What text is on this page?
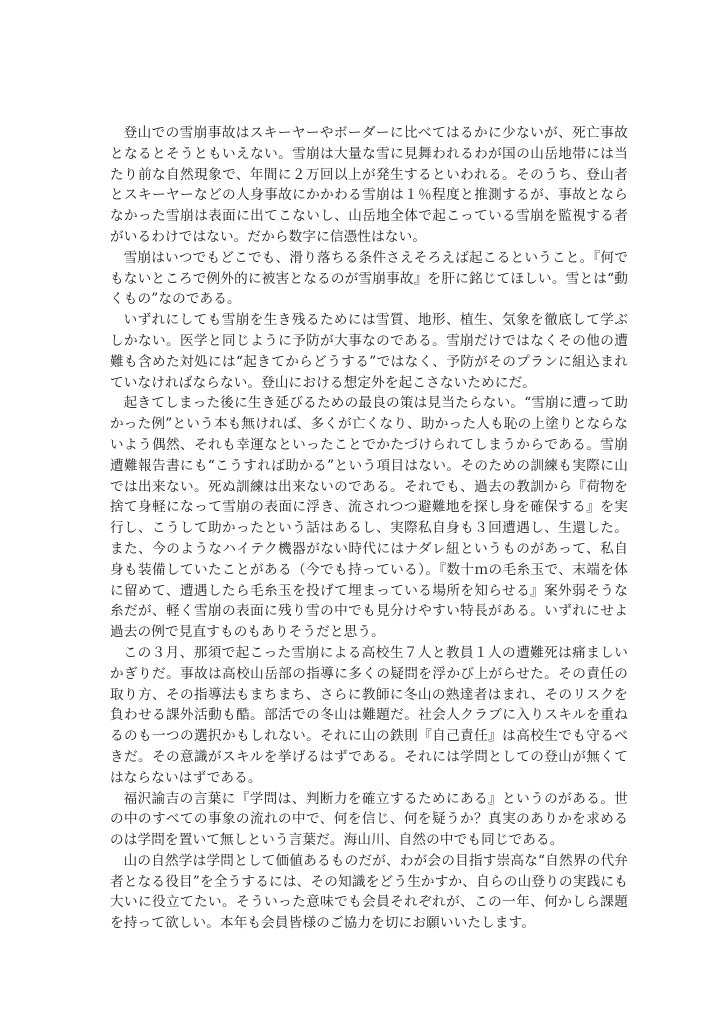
登山での雪崩事故はスキーヤーやボーダーに比べてはるかに少ないが、死亡事故となるとそうともいえない。雪崩は大量な雪に見舞われるわが国の山岳地帯には当たり前な自然現象で、年間に２万回以上が発生するといわれる。そのうち、登山者とスキーヤーなどの人身事故にかかわる雪崩は１％程度と推測するが、事故とならなかった雪崩は表面に出てこないし、山岳地全体で起こっている雪崩を監視する者がいるわけではない。だから数字に信憑性はない。

雪崩はいつでもどこでも、滑り落ちる条件さえそろえば起こるということ。『何でもないところで例外的に被害となるのが雪崩事故』を肝に銘じてほしい。雪とは“動くもの”なのである。

いずれにしても雪崩を生き残るためには雪質、地形、植生、気象を徹底して学ぶしかない。医学と同じように予防が大事なのである。雪崩だけではなくその他の遭難も含めた対処には“起きてからどうする”ではなく、予防がそのプランに組込まれていなければならない。登山における想定外を起こさないためにだ。

起きてしまった後に生き延びるための最良の策は見当たらない。“雪崩に遭って助かった例”という本も無ければ、多くが亡くなり、助かった人も恥の上塗りとならないよう偶然、それも幸運なといったことでかたづけられてしまうからである。雪崩遭難報告書にも“こうすれば助かる”という項目はない。そのための訓練も実際に山では出来ない。死ぬ訓練は出来ないのである。それでも、過去の教訓から『荷物を捨て身軽になって雪崩の表面に浮き、流されつつ避難地を探し身を確保する』を実行し、こうして助かったという話はあるし、実際私自身も３回遭遇し、生還した。また、今のようなハイテク機器がない時代にはナダレ紐というものがあって、私自身も装備していたことがある（今でも持っている）。『数十ｍの毛糸玉で、末端を体に留めて、遭遇したら毛糸玉を投げて埋まっている場所を知らせる』案外弱そうな糸だが、軽く雪崩の表面に残り雪の中でも見分けやすい特長がある。いずれにせよ過去の例で見直すものもありそうだと思う。

この３月、那須で起こった雪崩による高校生７人と教員１人の遭難死は痛ましいかぎりだ。事故は高校山岳部の指導に多くの疑問を浮かび上がらせた。その責任の取り方、その指導法もまちまち、さらに教師に冬山の熟達者はまれ、そのリスクを負わせる課外活動も酷。部活での冬山は難題だ。社会人クラブに入りスキルを重ねるのも一つの選択かもしれない。それに山の鉄則『自己責任』は高校生でも守るべきだ。その意識がスキルを挙げるはずである。それには学問としての登山が無くてはならないはずである。

福沢諭吉の言葉に『学問は、判断力を確立するためにある』というのがある。世の中のすべての事象の流れの中で、何を信じ、何を疑うか？真実のありかを求めるのは学問を置いて無しという言葉だ。海山川、自然の中でも同じである。

山の自然学は学問として価値あるものだが、わが会の目指す崇高な“自然界の代弁者となる役目”を全うするには、その知識をどう生かすか、自らの山登りの実践にも大いに役立てたい。そういった意味でも会員それぞれが、この一年、何かしら課題を持って欲しい。本年も会員皆様のご協力を切にお願いいたします。
